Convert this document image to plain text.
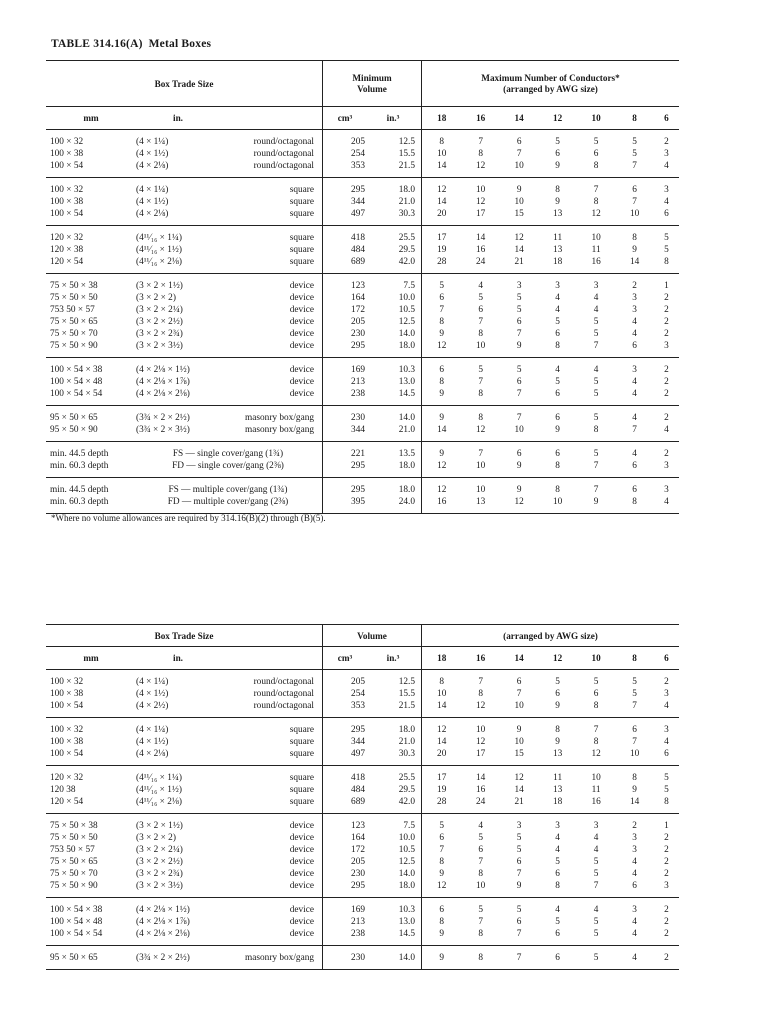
TABLE 314.16(A) Metal Boxes
Box Trade Size			Minimum Volume		Maximum Number of Conductors*
(arranged by AWG size)						

mm	in.		cm³	in.³	18	16	14	12	10	8	6
100 × 32	(4 × 1¼)	round/octagonal	205	12.5	8	7	6	5	5	5	2
100 × 38	(4 × 1½)	round/octagonal	254	15.5	10	8	7	6	6	5	3
100 × 54	(4 × 2⅛)	round/octagonal	353	21.5	14	12	10	9	8	7	4
100 × 32	(4 × 1¼)	square	295	18.0	12	10	9	8	7	6	3
100 × 38	(4 × 1½)	square	344	21.0	14	12	10	9	8	7	4
100 × 54	(4 × 2⅛)	square	497	30.3	20	17	15	13	12	10	6
120 × 32	(4¹¹⁄₁₆ × 1¼)	square	418	25.5	17	14	12	11	10	8	5
120 × 38	(4¹¹⁄₁₆ × 1½)	square	484	29.5	19	16	14	13	11	9	5
120 × 54	(4¹¹⁄₁₆ × 2⅛)	square	689	42.0	28	24	21	18	16	14	8
75 × 50 × 38	(3 × 2 × 1½)	device	123	7.5	5	4	3	3	3	2	1
75 × 50 × 50	(3 × 2 × 2)	device	164	10.0	6	5	5	4	4	3	2
753 50 × 57	(3 × 2 × 2¼)	device	172	10.5	7	6	5	4	4	3	2
75 × 50 × 65	(3 × 2 × 2½)	device	205	12.5	8	7	6	5	5	4	2
75 × 50 × 70	(3 × 2 × 2¾)	device	230	14.0	9	8	7	6	5	4	2
75 × 50 × 90	(3 × 2 × 3½)	device	295	18.0	12	10	9	8	7	6	3
100 × 54 × 38	(4 × 2⅛ × 1½)	device	169	10.3	6	5	5	4	4	3	2
100 × 54 × 48	(4 × 2⅛ × 1⅞)	device	213	13.0	8	7	6	5	5	4	2
100 × 54 × 54	(4 × 2⅛ × 2⅛)	device	238	14.5	9	8	7	6	5	4	2
95 × 50 × 65	(3¾ × 2 × 2½)	masonry box/gang	230	14.0	9	8	7	6	5	4	2
95 × 50 × 90	(3¾ × 2 × 3½)	masonry box/gang	344	21.0	14	12	10	9	8	7	4
min. 44.5 depth	FS — single cover/gang (1¾)		221	13.5	9	7	6	6	5	4	2
min. 60.3 depth	FD — single cover/gang (2⅜)		295	18.0	12	10	9	8	7	6	3
min. 44.5 depth	FS — multiple cover/gang (1¾)		295	18.0	12	10	9	8	7	6	3
min. 60.3 depth	FD — multiple cover/gang (2⅜)		395	24.0	16	13	12	10	9	8	4
*Where no volume allowances are required by 314.16(B)(2) through (B)(5).
Box Trade Size			Volume		(arranged by AWG size)						
mm	in.		cm³	in.³	18	16	14	12	10	8	6
100 × 32	(4 × 1¼)	round/octagonal	205	12.5	8	7	6	5	5	5	2
100 × 38	(4 × 1½)	round/octagonal	254	15.5	10	8	7	6	6	5	3
100 × 54	(4 × 2½)	round/octagonal	353	21.5	14	12	10	9	8	7	4
100 × 32	(4 × 1¼)	square	295	18.0	12	10	9	8	7	6	3
100 × 38	(4 × 1½)	square	344	21.0	14	12	10	9	8	7	4
100 × 54	(4 × 2⅛)	square	497	30.3	20	17	15	13	12	10	6
120 × 32	(4¹¹⁄₁₆ × 1¼)	square	418	25.5	17	14	12	11	10	8	5
120 38	(4¹¹⁄₁₆ × 1½)	square	484	29.5	19	16	14	13	11	9	5
120 × 54	(4¹¹⁄₁₆ × 2⅛)	square	689	42.0	28	24	21	18	16	14	8
75 × 50 × 38	(3 × 2 × 1½)	device	123	7.5	5	4	3	3	3	2	1
75 × 50 × 50	(3 × 2 × 2)	device	164	10.0	6	5	5	4	4	3	2
753 50 × 57	(3 × 2 × 2¼)	device	172	10.5	7	6	5	4	4	3	2
75 × 50 × 65	(3 × 2 × 2½)	device	205	12.5	8	7	6	5	5	4	2
75 × 50 × 70	(3 × 2 × 2¾)	device	230	14.0	9	8	7	6	5	4	2
75 × 50 × 90	(3 × 2 × 3½)	device	295	18.0	12	10	9	8	7	6	3
100 × 54 × 38	(4 × 2⅛ × 1½)	device	169	10.3	6	5	5	4	4	3	2
100 × 54 × 48	(4 × 2⅛ × 1⅞)	device	213	13.0	8	7	6	5	5	4	2
100 × 54 × 54	(4 × 2⅛ × 2⅛)	device	238	14.5	9	8	7	6	5	4	2
95 × 50 × 65	(3¾ × 2 × 2½)	masonry box/gang	230	14.0	9	8	7	6	5	4	2
